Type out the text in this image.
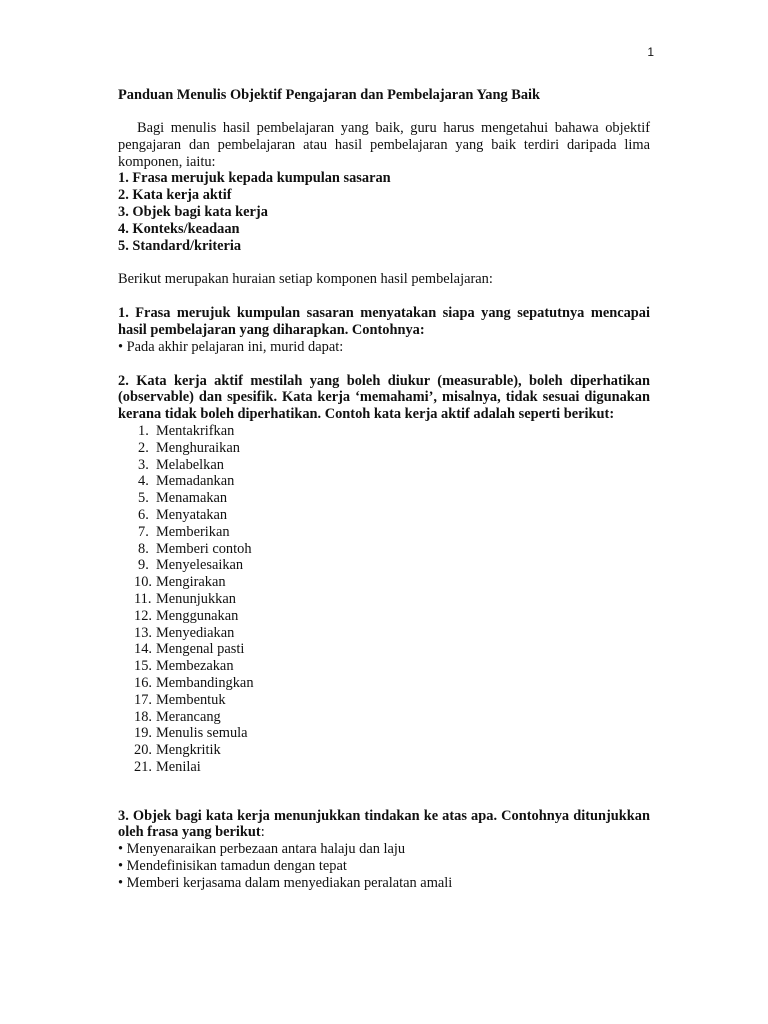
1

Panduan Menulis Objektif Pengajaran dan Pembelajaran Yang Baik

Bagi menulis hasil pembelajaran yang baik, guru harus mengetahui bahawa objektif pengajaran dan pembelajaran atau hasil pembelajaran yang baik terdiri daripada lima komponen, iaitu:

1. Frasa merujuk kepada kumpulan sasaran
2. Kata kerja aktif
3. Objek bagi kata kerja
4. Konteks/keadaan
5. Standard/kriteria

Berikut merupakan huraian setiap komponen hasil pembelajaran:

1. Frasa merujuk kumpulan sasaran menyatakan siapa yang sepatutnya mencapai hasil pembelajaran yang diharapkan. Contohnya:

• Pada akhir pelajaran ini, murid dapat:

2. Kata kerja aktif mestilah yang boleh diukur (measurable), boleh diperhatikan (observable) dan spesifik. Kata kerja ‘memahami’, misalnya, tidak sesuai digunakan kerana tidak boleh diperhatikan. Contoh kata kerja aktif adalah seperti berikut:

1. Mentakrifkan
2. Menghuraikan
3. Melabelkan
4. Memadankan
5. Menamakan
6. Menyatakan
7. Memberikan
8. Memberi contoh
9. Menyelesaikan
10. Mengirakan
11. Menunjukkan
12. Menggunakan
13. Menyediakan
14. Mengenal pasti
15. Membezakan
16. Membandingkan
17. Membentuk
18. Merancang
19. Menulis semula
20. Mengkritik
21. Menilai

3. Objek bagi kata kerja menunjukkan tindakan ke atas apa. Contohnya ditunjukkan oleh frasa yang berikut:

• Menyenaraikan perbezaan antara halaju dan laju

• Mendefinisikan tamadun dengan tepat

• Memberi kerjasama dalam menyediakan peralatan amali
